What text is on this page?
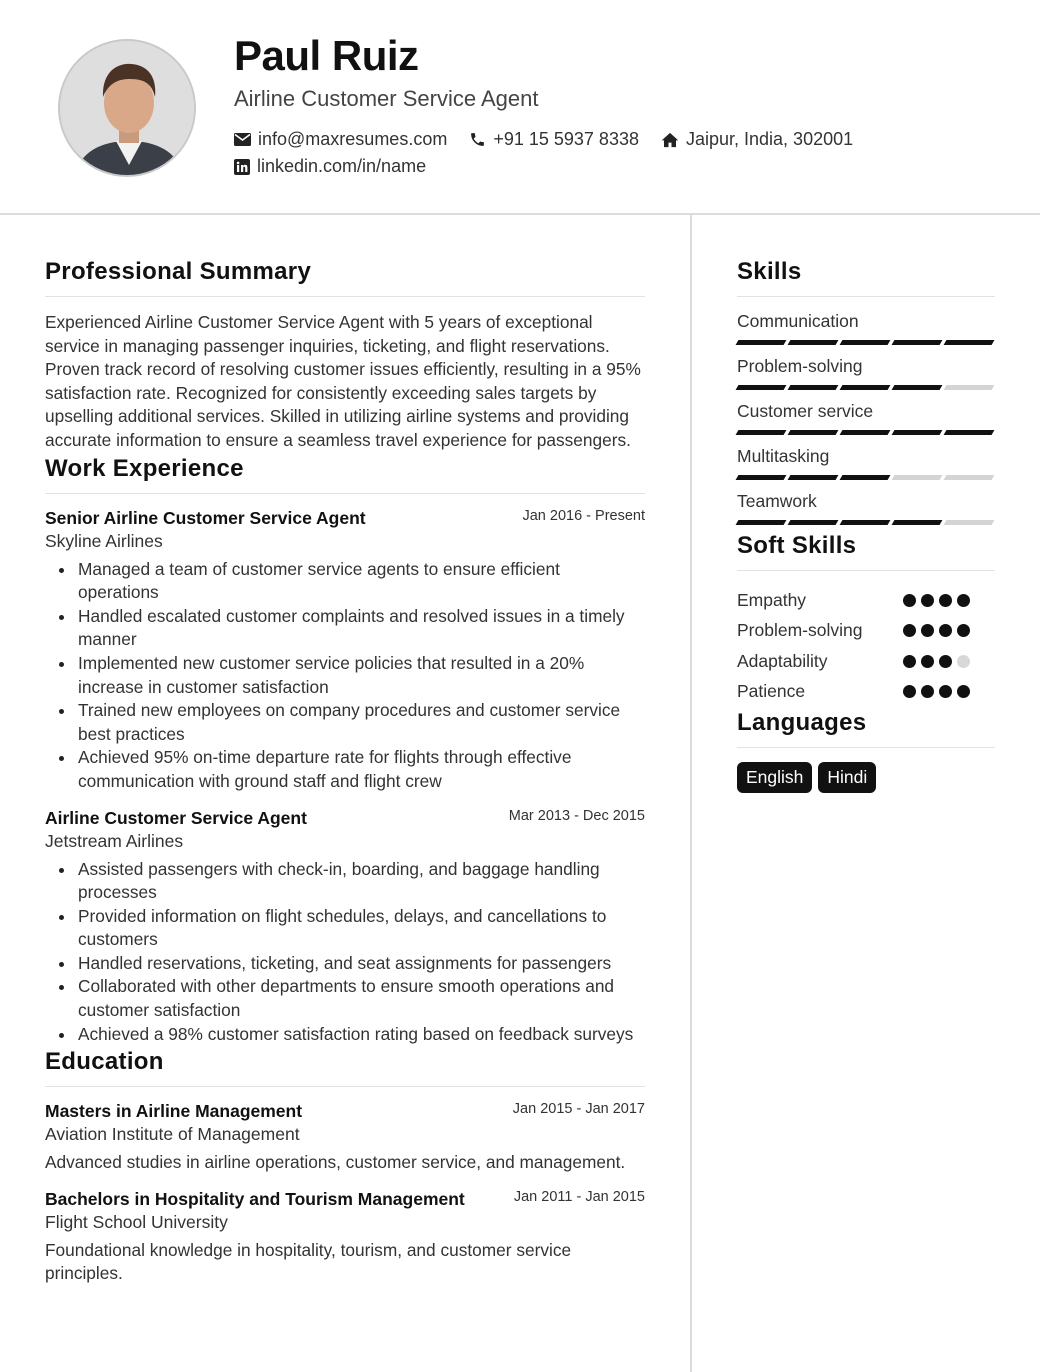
Paul Ruiz
Airline Customer Service Agent
info@maxresumes.com	+91 15 5937 8338	Jaipur, India, 302001
linkedin.com/in/name
Professional Summary

Experienced Airline Customer Service Agent with 5 years of exceptional service in managing passenger inquiries, ticketing, and flight reservations. Proven track record of resolving customer issues efficiently, resulting in a 95% satisfaction rate. Recognized for consistently exceeding sales targets by upselling additional services. Skilled in utilizing airline systems and providing accurate information to ensure a seamless travel experience for passengers.

Work Experience
Senior Airline Customer Service Agent	Jan 2016 - Present
Skyline Airlines
Managed a team of customer service agents to ensure efficient operations
Handled escalated customer complaints and resolved issues in a timely manner
Implemented new customer service policies that resulted in a 20% increase in customer satisfaction
Trained new employees on company procedures and customer service best practices
Achieved 95% on-time departure rate for flights through effective communication with ground staff and flight crew
Airline Customer Service Agent	Mar 2013 - Dec 2015
Jetstream Airlines
Assisted passengers with check-in, boarding, and baggage handling processes
Provided information on flight schedules, delays, and cancellations to customers
Handled reservations, ticketing, and seat assignments for passengers
Collaborated with other departments to ensure smooth operations and customer satisfaction
Achieved a 98% customer satisfaction rating based on feedback surveys
Education
Masters in Airline Management	Jan 2015 - Jan 2017
Aviation Institute of Management

Advanced studies in airline operations, customer service, and management.

Bachelors in Hospitality and Tourism Management	Jan 2011 - Jan 2015
Flight School University

Foundational knowledge in hospitality, tourism, and customer service principles.

Skills
Communication
Problem-solving
Customer service
Multitasking
Teamwork
Soft Skills
Empathy
Problem-solving
Adaptability
Patience
Languages
English	Hindi
